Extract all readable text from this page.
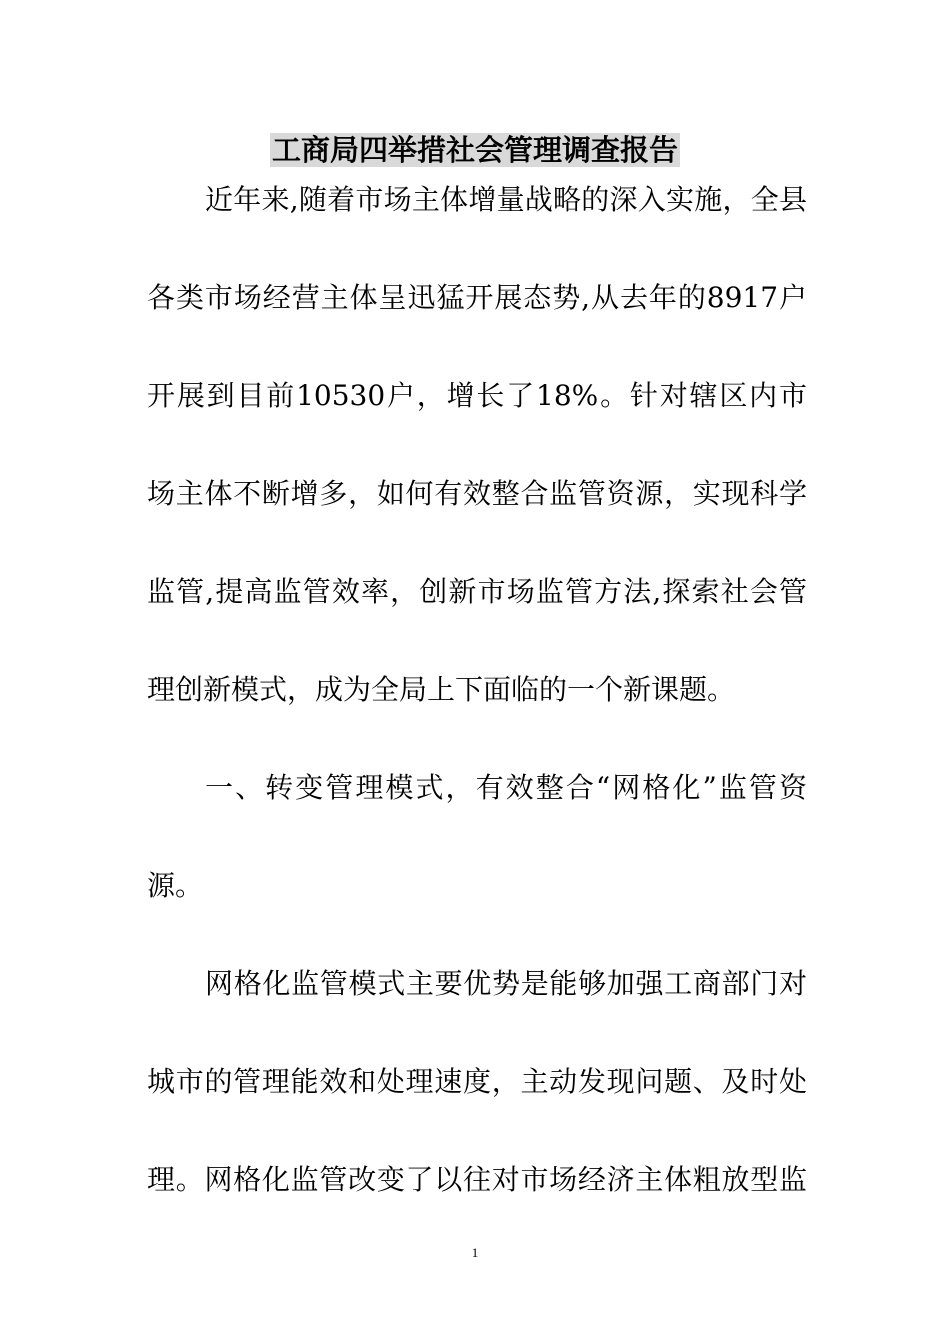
工商局四举措社会管理调查报告
近年来,随着市场主体增量战略的深入实施，全县
各类市场经营主体呈迅猛开展态势,从去年的8917户
开展到目前10530户，增长了18%。针对辖区内市
场主体不断增多，如何有效整合监管资源，实现科学
监管,提高监管效率，创新市场监管方法,探索社会管
理创新模式，成为全局上下面临的一个新课题。
一、转变管理模式，有效整合“网格化”监管资
源。
网格化监管模式主要优势是能够加强工商部门对
城市的管理能效和处理速度，主动发现问题、及时处
理。网格化监管改变了以往对市场经济主体粗放型监
1
